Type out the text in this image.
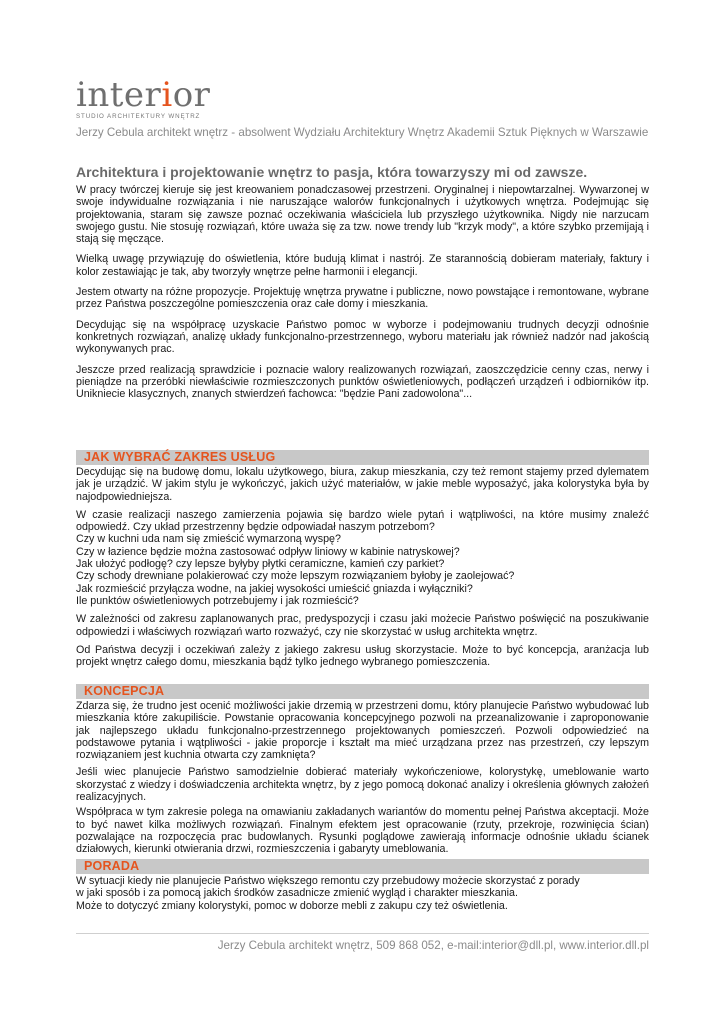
interior
STUDIO ARCHITEKTURY WNĘTRZ
Jerzy Cebula architekt wnętrz - absolwent Wydziału Architektury Wnętrz Akademii Sztuk Pięknych w Warszawie
Architektura i projektowanie wnętrz to pasja, która towarzyszy mi od zawsze.

W pracy twórczej kieruje się jest kreowaniem ponadczasowej przestrzeni. Oryginalnej i niepowtarzalnej. Wywarzonej w swoje indywidualne rozwiązania i nie naruszające walorów funkcjonalnych i użytkowych wnętrza. Podejmując się projektowania, staram się zawsze poznać oczekiwania właściciela lub przyszłego użytkownika. Nigdy nie narzucam swojego gustu. Nie stosuję rozwiązań, które uważa się za tzw. nowe trendy lub "krzyk mody", a które szybko przemijają i stają się męczące.

Wielką uwagę przywiązuję do oświetlenia, które budują klimat i nastrój. Ze starannością dobieram materiały, faktury i kolor zestawiając je tak, aby tworzyły wnętrze pełne harmonii i elegancji.

Jestem otwarty na różne propozycje. Projektuję wnętrza prywatne i publiczne, nowo powstające i remontowane, wybrane przez Państwa poszczególne pomieszczenia oraz całe domy i mieszkania.

Decydując się na współpracę uzyskacie Państwo pomoc w wyborze i podejmowaniu trudnych decyzji odnośnie konkretnych rozwiązań, analizę układy funkcjonalno-przestrzennego, wyboru materiału jak również nadzór nad jakością wykonywanych prac.

Jeszcze przed realizacją sprawdzicie i poznacie walory realizowanych rozwiązań, zaoszczędzicie cenny czas, nerwy i pieniądze na przeróbki niewłaściwie rozmieszczonych punktów oświetleniowych, podłączeń urządzeń i odbiorników itp. Unikniecie klasycznych, znanych stwierdzeń fachowca: "będzie Pani zadowolona"...

JAK WYBRAĆ ZAKRES USŁUG

Decydując się na budowę domu, lokalu użytkowego, biura, zakup mieszkania, czy też remont stajemy przed dylematem jak je urządzić. W jakim stylu je wykończyć, jakich użyć materiałów, w jakie meble wyposażyć, jaka kolorystyka była by najodpowiedniejsza.

W czasie realizacji naszego zamierzenia pojawia się bardzo wiele pytań i wątpliwości, na które musimy znaleźć odpowiedź. Czy układ przestrzenny będzie odpowiadał naszym potrzebom?

Czy w kuchni uda nam się zmieścić wymarzoną wyspę?
Czy w łazience będzie można zastosować odpływ liniowy w kabinie natryskowej?
Jak ułożyć podłogę? czy lepsze byłyby płytki ceramiczne, kamień czy parkiet?
Czy schody drewniane polakierować czy może lepszym rozwiązaniem byłoby je zaolejować?
Jak rozmieścić przyłącza wodne, na jakiej wysokości umieścić gniazda i wyłączniki?
Ile punktów oświetleniowych potrzebujemy i jak rozmieścić?

W zależności od zakresu zaplanowanych prac, predyspozycji i czasu jaki możecie Państwo poświęcić na poszukiwanie odpowiedzi i właściwych rozwiązań warto rozważyć, czy nie skorzystać w usług architekta wnętrz.

Od Państwa decyzji i oczekiwań zależy z jakiego zakresu usług skorzystacie. Może to być koncepcja, aranżacja lub projekt wnętrz całego domu, mieszkania bądź tylko jednego wybranego pomieszczenia.

KONCEPCJA

Zdarza się, że trudno jest ocenić możliwości jakie drzemią w przestrzeni domu, który planujecie Państwo wybudować lub mieszkania które zakupiliście. Powstanie opracowania koncepcyjnego pozwoli na przeanalizowanie i zaproponowanie jak najlepszego układu funkcjonalno-przestrzennego projektowanych pomieszczeń. Pozwoli odpowiedzieć na podstawowe pytania i wątpliwości - jakie proporcje i kształt ma mieć urządzana przez nas przestrzeń, czy lepszym rozwiązaniem jest kuchnia otwarta czy zamknięta?

Jeśli wiec planujecie Państwo samodzielnie dobierać materiały wykończeniowe, kolorystykę, umeblowanie warto skorzystać z wiedzy i doświadczenia architekta wnętrz, by z jego pomocą dokonać analizy i określenia głównych założeń realizacyjnych.

Współpraca w tym zakresie polega na omawianiu zakładanych wariantów do momentu pełnej Państwa akceptacji. Może to być nawet kilka możliwych rozwiązań. Finalnym efektem jest opracowanie (rzuty, przekroje, rozwinięcia ścian) pozwalające na rozpoczęcia prac budowlanych. Rysunki poglądowe zawierają informacje odnośnie układu ścianek działowych, kierunki otwierania drzwi, rozmieszczenia i gabaryty umeblowania.

PORADA
W sytuacji kiedy nie planujecie Państwo większego remontu czy przebudowy możecie skorzystać z porady
w jaki sposób i za pomocą jakich środków zasadnicze zmienić wygląd i charakter mieszkania.
Może to dotyczyć zmiany kolorystyki, pomoc w doborze mebli z zakupu czy też oświetlenia.
Jerzy Cebula architekt wnętrz, 509 868 052, e-mail:interior@dll.pl, www.interior.dll.pl
